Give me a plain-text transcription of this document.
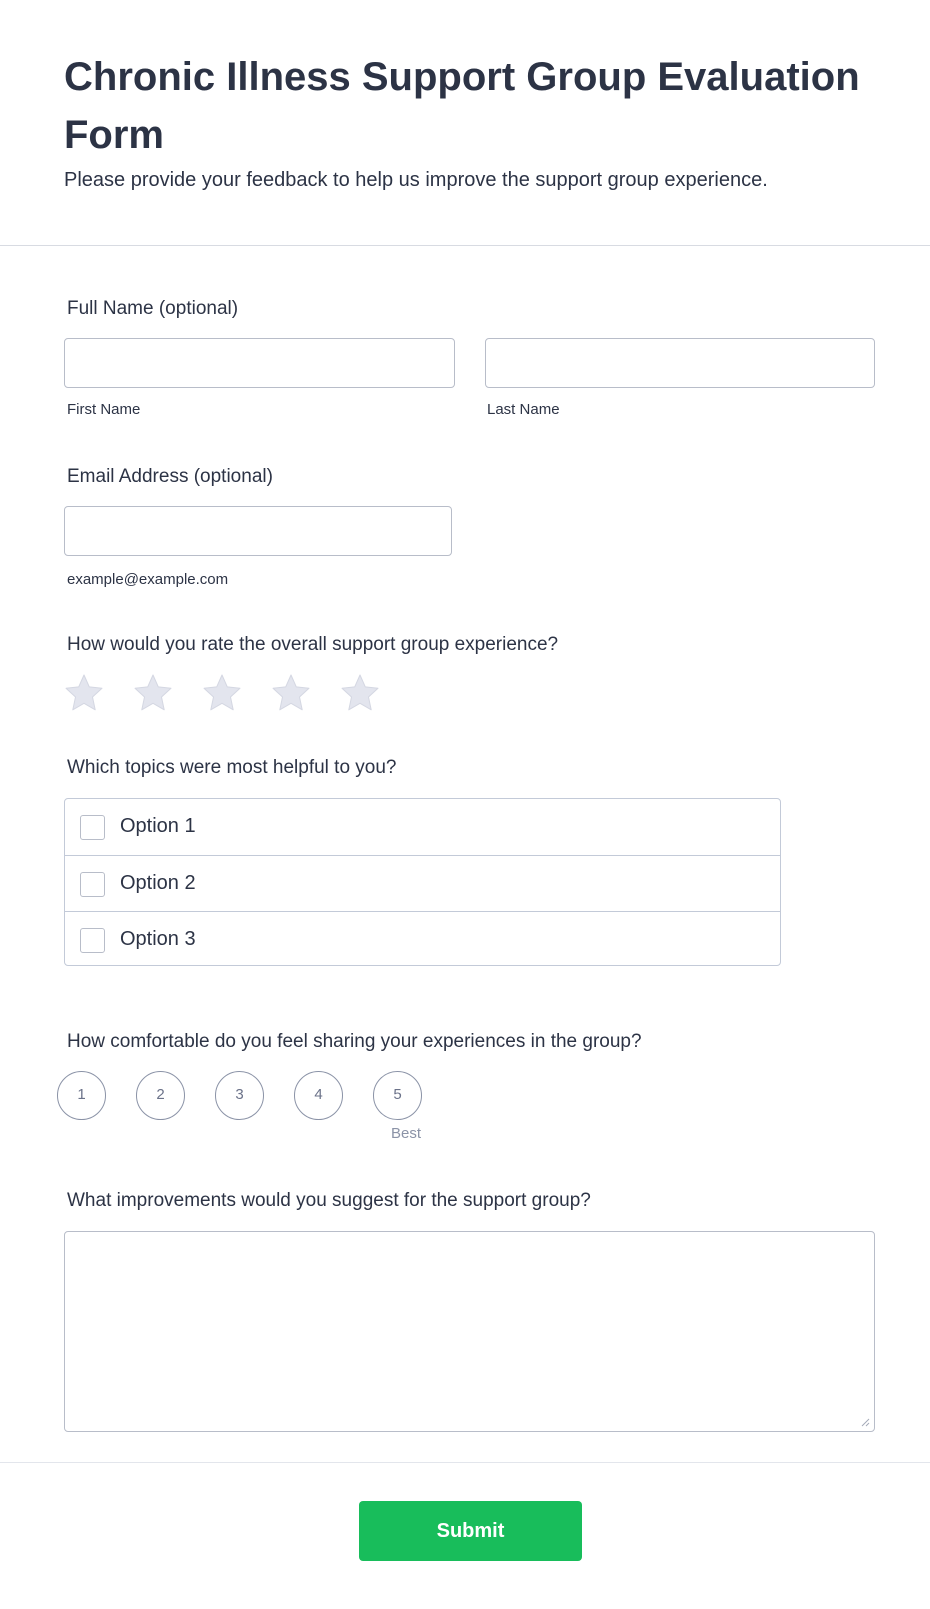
Chronic Illness Support Group Evaluation Form

Please provide your feedback to help us improve the support group experience.

Full Name (optional)
First Name	Last Name
Email Address (optional)
example@example.com
How would you rate the overall support group experience?
Which topics were most helpful to you?
Option 1
Option 2
Option 3
How comfortable do you feel sharing your experiences in the group?
1	2	3	4	5
Best
What improvements would you suggest for the support group?
Submit
